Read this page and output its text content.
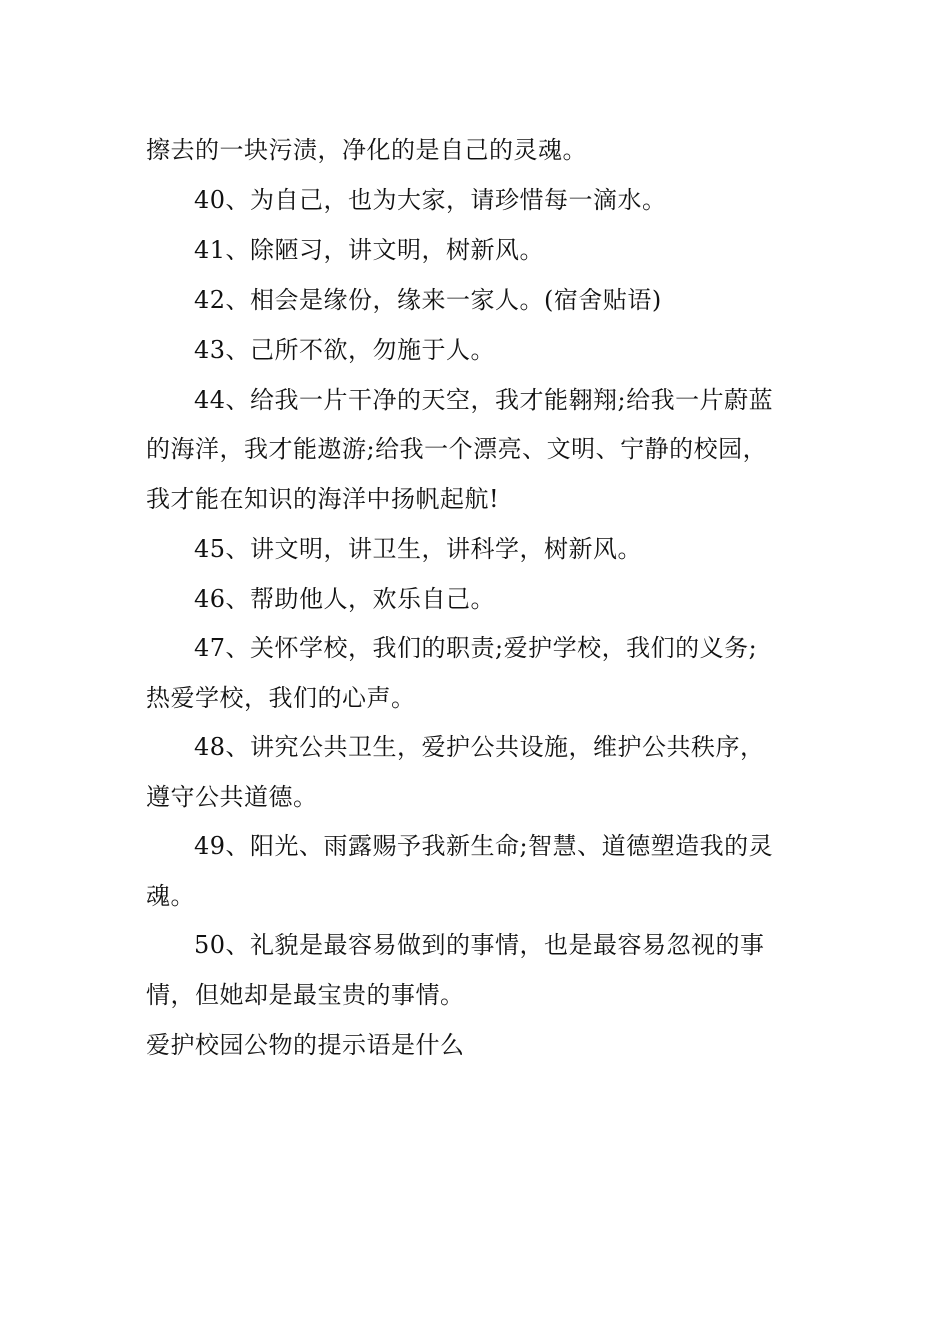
擦去的一块污渍，净化的是自己的灵魂。
40、为自己，也为大家，请珍惜每一滴水。
41、除陋习，讲文明，树新风。
42、相会是缘份，缘来一家人。(宿舍贴语)
43、己所不欲，勿施于人。
44、给我一片干净的天空，我才能翱翔;给我一片蔚蓝
的海洋，我才能遨游;给我一个漂亮、文明、宁静的校园，
我才能在知识的海洋中扬帆起航!
45、讲文明，讲卫生，讲科学，树新风。
46、帮助他人，欢乐自己。
47、关怀学校，我们的职责;爱护学校，我们的义务;
热爱学校，我们的心声。
48、讲究公共卫生，爱护公共设施，维护公共秩序，
遵守公共道德。
49、阳光、雨露赐予我新生命;智慧、道德塑造我的灵
魂。
50、礼貌是最容易做到的事情，也是最容易忽视的事
情，但她却是最宝贵的事情。
爱护校园公物的提示语是什么
